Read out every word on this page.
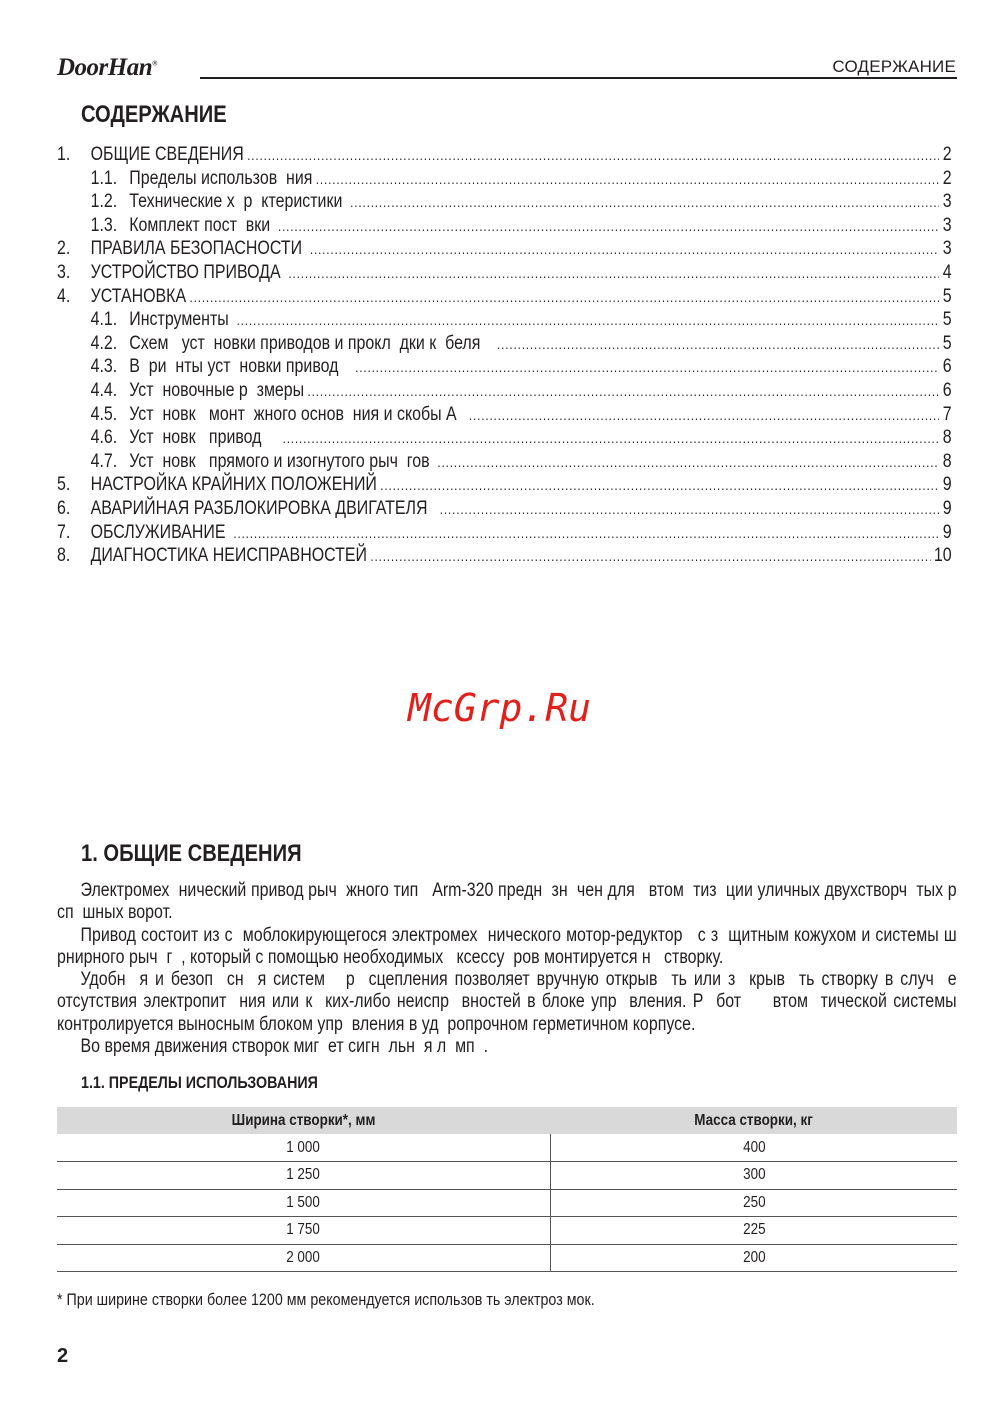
DoorHan®	СОДЕРЖАНИЕ
СОДЕРЖАНИЕ
1.	ОБЩИЕ СВЕДЕНИЯ .....	2
1.1. Пределы использов  ния .....	2
1.2. Технические х  р  ктеристики .....	3
1.3. Комплект пост  вки .....	3
2.	ПРАВИЛА БЕЗОПАСНОСТИ .....	3
3.	УСТРОЙСТВО ПРИВОДА .....	4
4.	УСТАНОВКА .....	5
4.1. Инструменты .....	5
4.2. Схем   уст  новки приводов и прокл  дки к  беля .....	5
4.3. В  ри  нты уст  новки привод .....	6
4.4. Уст  новочные р  змеры .....	6
4.5. Уст  новк   монт  жного основ  ния и скобы А .....	7
4.6. Уст  новк   привод .....	8
4.7. Уст  новк   прямого и изогнутого рыч  гов .....	8
5.	НАСТРОЙКА КРАЙНИХ ПОЛОЖЕНИЙ .....	9
6.	АВАРИЙНАЯ РАЗБЛОКИРОВКА ДВИГАТЕЛЯ .....	9
7.	ОБСЛУЖИВАНИЕ .....	9
8.	ДИАГНОСТИКА НЕИСПРАВНОСТЕЙ .....	10
McGrp.Ru
1. ОБЩИЕ СВЕДЕНИЯ

Электромех  нический привод рыч  жного тип   Arm-320 предн  зн  чен для   втом  тиз  ции уличных двухстворч  тых р  сп  шных ворот.

Привод состоит из с  моблокирующегося электромех  нического мотор-редуктор   с з  щитным кожухом и системы ш  рнирного рыч  г  , который с помощью необходимых   ксессу  ров монтируется н   створку.

Удобн  я и безоп  сн  я систем   р  сцепления позволяет вручную открыв  ть или з  крыв  ть створку в случ  е отсутствия электропит  ния или к  ких-либо неиспр  вностей в блоке упр  вления. Р  бот     втом  тической системы контролируется выносным блоком упр  вления в уд  ропрочном герметичном корпусе.

Во время движения створок миг  ет сигн  льн  я л  мп  .

1.1. ПРЕДЕЛЫ ИСПОЛЬЗОВАНИЯ
Ширина створки*, мм	Масса створки, кг
1 000	400
1 250	300
1 500	250
1 750	225
2 000	200
* При ширине створки более 1200 мм рекомендуется использов ть электроз мок.
2
